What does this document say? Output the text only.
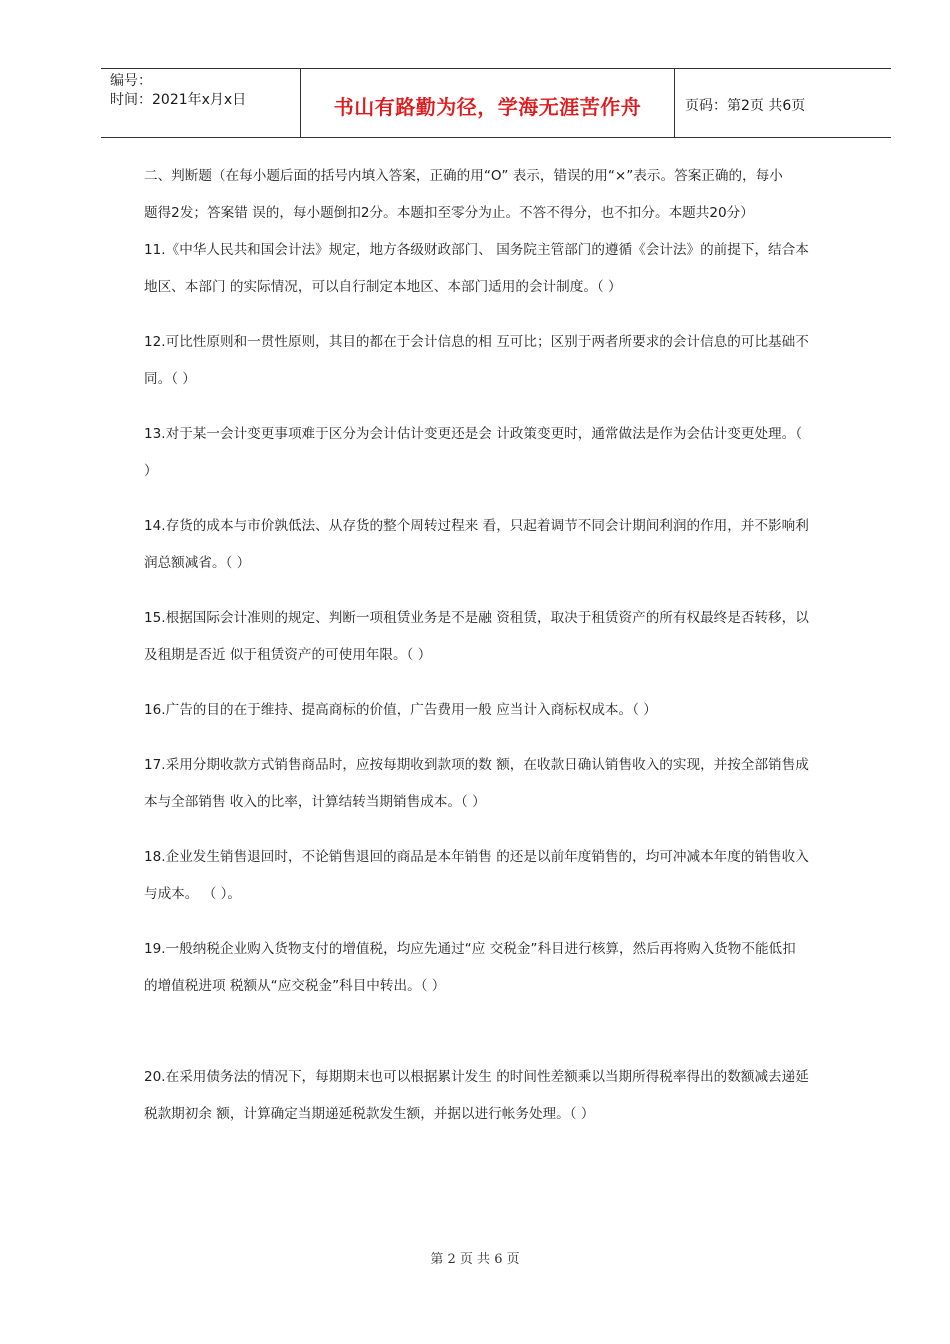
编号：
时间：2021年x月x日	书山有路勤为径，学海无涯苦作舟	页码：第2页 共6页

二、判断题（在每小题后面的括号内填入答案，正确的用“O” 表示，错误的用“×”表示。答案正确的，每小

题得2发；答案错 误的，每小题倒扣2分。本题扣至零分为止。不答不得分，也不扣分。本题共20分）

11.《中华人民共和国会计法》规定，地方各级财政部门、 国务院主管部门的遵循《会计法》的前提下，结合本

地区、本部门 的实际情况，可以自行制定本地区、本部门适用的会计制度。（ ）

12.可比性原则和一贯性原则，其目的都在于会计信息的相 互可比；区别于两者所要求的会计信息的可比基础不

同。（ ）

13.对于某一会计变更事项难于区分为会计估计变更还是会 计政策变更时，通常做法是作为会估计变更处理。（

）

14.存货的成本与市价孰低法、从存货的整个周转过程来 看，只起着调节不同会计期间利润的作用，并不影响利

润总额减省。（ ）

15.根据国际会计准则的规定、判断一项租赁业务是不是融 资租赁，取决于租赁资产的所有权最终是否转移，以

及租期是否近 似于租赁资产的可使用年限。（ ）

16.广告的目的在于维持、提高商标的价值，广告费用一般 应当计入商标权成本。（ ）

17.采用分期收款方式销售商品时，应按每期收到款项的数 额，在收款日确认销售收入的实现，并按全部销售成

本与全部销售 收入的比率，计算结转当期销售成本。（ ）

18.企业发生销售退回时，不论销售退回的商品是本年销售 的还是以前年度销售的，均可冲减本年度的销售收入

与成本。 （ ）。

19.一般纳税企业购入货物支付的增值税，均应先通过“应 交税金”科目进行核算，然后再将购入货物不能低扣

的增值税进项 税额从“应交税金”科目中转出。（ ）

20.在采用债务法的情况下，每期期末也可以根据累计发生 的时间性差额乘以当期所得税率得出的数额减去递延

税款期初余 额，计算确定当期递延税款发生额，并据以进行帐务处理。（ ）

第 2 页 共 6 页
